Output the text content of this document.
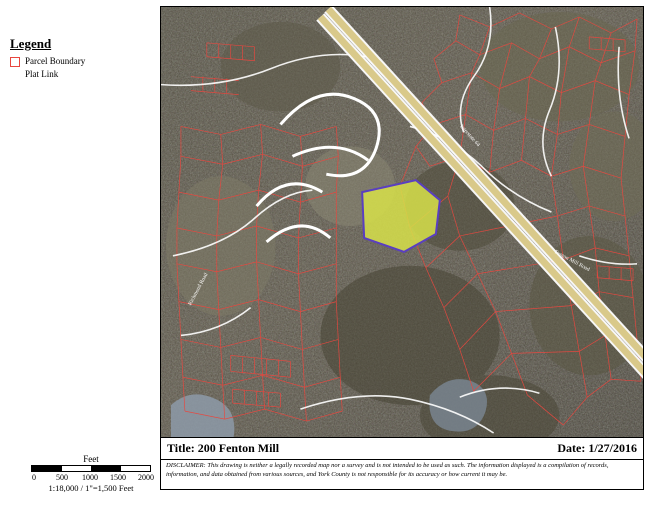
Legend
Parcel Boundary
Plat Link
Feet
0	500	1000	1500	2000
1:18,000 / 1"=1,500 Feet
Interstate 64
Fenton Mill Road
Richmond Road
Title: 200 Fenton Mill	Date: 1/27/2016
DISCLAIMER: This drawing is neither a legally recorded map nor a survey and is not intended to be used as such. The information displayed is a compilation of records, information, and data obtained from various sources, and York County is not responsible for its accuracy or how current it may be.
